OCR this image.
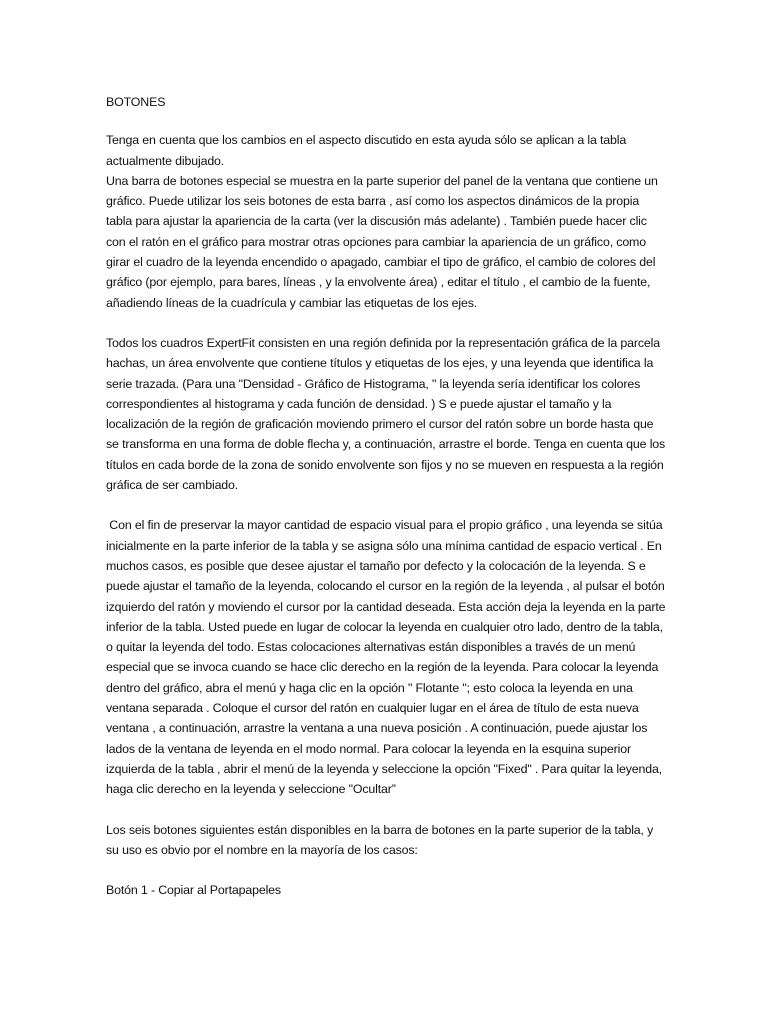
BOTONES

Tenga en cuenta que los cambios en el aspecto discutido en esta ayuda sólo se aplican a la tabla actualmente dibujado.

Una barra de botones especial se muestra en la parte superior del panel de la ventana que contiene un gráfico. Puede utilizar los seis botones de esta barra , así como los aspectos dinámicos de la propia tabla para ajustar la apariencia de la carta (ver la discusión más adelante) . También puede hacer clic con el ratón en el gráfico para mostrar otras opciones para cambiar la apariencia de un gráfico, como girar el cuadro de la leyenda encendido o apagado, cambiar el tipo de gráfico, el cambio de colores del gráfico (por ejemplo, para bares, líneas , y la envolvente área) , editar el título , el cambio de la fuente, añadiendo líneas de la cuadrícula y cambiar las etiquetas de los ejes.

Todos los cuadros ExpertFit consisten en una región definida por la representación gráfica de la parcela hachas, un área envolvente que contiene títulos y etiquetas de los ejes, y una leyenda que identifica la serie trazada. (Para una "Densidad - Gráfico de Histograma, " la leyenda sería identificar los colores correspondientes al histograma y cada función de densidad. ) S e puede ajustar el tamaño y la localización de la región de graficación moviendo primero el cursor del ratón sobre un borde hasta que se transforma en una forma de doble flecha y, a continuación, arrastre el borde. Tenga en cuenta que los títulos en cada borde de la zona de sonido envolvente son fijos y no se mueven en respuesta a la región gráfica de ser cambiado.

Con el fin de preservar la mayor cantidad de espacio visual para el propio gráfico , una leyenda se sitúa inicialmente en la parte inferior de la tabla y se asigna sólo una mínima cantidad de espacio vertical . En muchos casos, es posible que desee ajustar el tamaño por defecto y la colocación de la leyenda. S e puede ajustar el tamaño de la leyenda, colocando el cursor en la región de la leyenda , al pulsar el botón izquierdo del ratón y moviendo el cursor por la cantidad deseada. Esta acción deja la leyenda en la parte inferior de la tabla. Usted puede en lugar de colocar la leyenda en cualquier otro lado, dentro de la tabla, o quitar la leyenda del todo. Estas colocaciones alternativas están disponibles a través de un menú especial que se invoca cuando se hace clic derecho en la región de la leyenda. Para colocar la leyenda dentro del gráfico, abra el menú y haga clic en la opción " Flotante "; esto coloca la leyenda en una ventana separada . Coloque el cursor del ratón en cualquier lugar en el área de título de esta nueva ventana , a continuación, arrastre la ventana a una nueva posición . A continuación, puede ajustar los lados de la ventana de leyenda en el modo normal. Para colocar la leyenda en la esquina superior izquierda de la tabla , abrir el menú de la leyenda y seleccione la opción "Fixed" . Para quitar la leyenda, haga clic derecho en la leyenda y seleccione "Ocultar”

Los seis botones siguientes están disponibles en la barra de botones en la parte superior de la tabla, y su uso es obvio por el nombre en la mayoría de los casos:

Botón 1 - Copiar al Portapapeles
